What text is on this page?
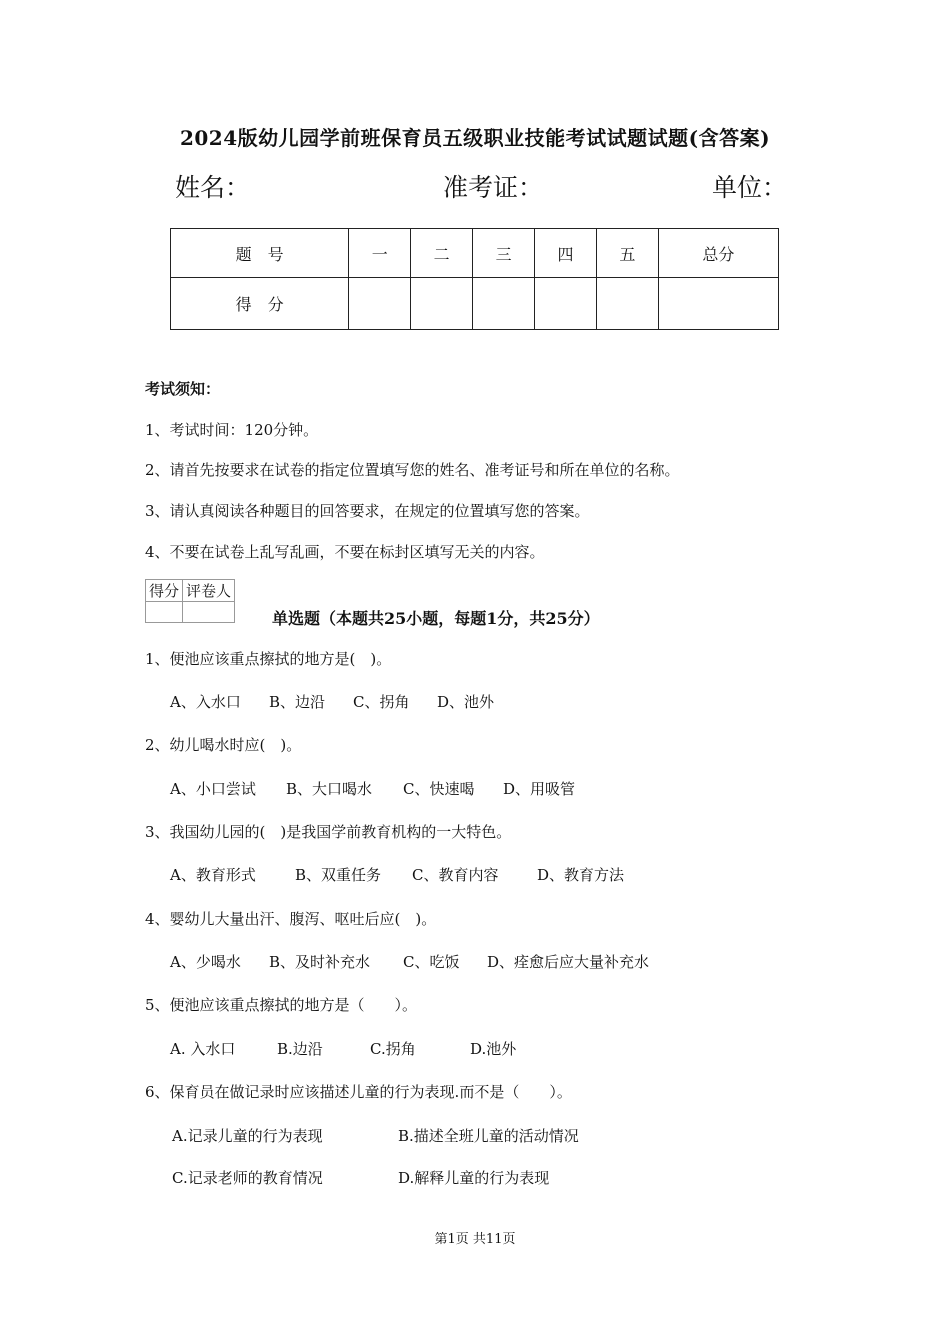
2024版幼儿园学前班保育员五级职业技能考试试题试题(含答案)
姓名：	准考证：	单位：
题　号	一	二	三	四	五	总分
得　分						
考试须知：
1、考试时间：120分钟。
2、请首先按要求在试卷的指定位置填写您的姓名、准考证号和所在单位的名称。
3、请认真阅读各种题目的回答要求，在规定的位置填写您的答案。
4、不要在试卷上乱写乱画，不要在标封区填写无关的内容。
得分	评卷人

单选题（本题共25小题，每题1分，共25分）
1、便池应该重点擦拭的地方是(　)。
A、入水口 B、边沿 C、拐角 D、池外
2、幼儿喝水时应(　)。
A、小口尝试 B、大口喝水 C、快速喝 D、用吸管
3、我国幼儿园的(　)是我国学前教育机构的一大特色。
A、教育形式	B、双重任务 C、教育内容	D、教育方法
4、婴幼儿大量出汗、腹泻、呕吐后应(　)。
A、少喝水 B、及时补充水 C、吃饭 D、痊愈后应大量补充水
5、便池应该重点擦拭的地方是（　　）。
A. 入水口	B.边沿	C.拐角	D.池外
6、保育员在做记录时应该描述儿童的行为表现.而不是（　　）。
A.记录儿童的行为表现	B.描述全班儿童的活动情况
C.记录老师的教育情况	D.解释儿童的行为表现
第1页 共11页
